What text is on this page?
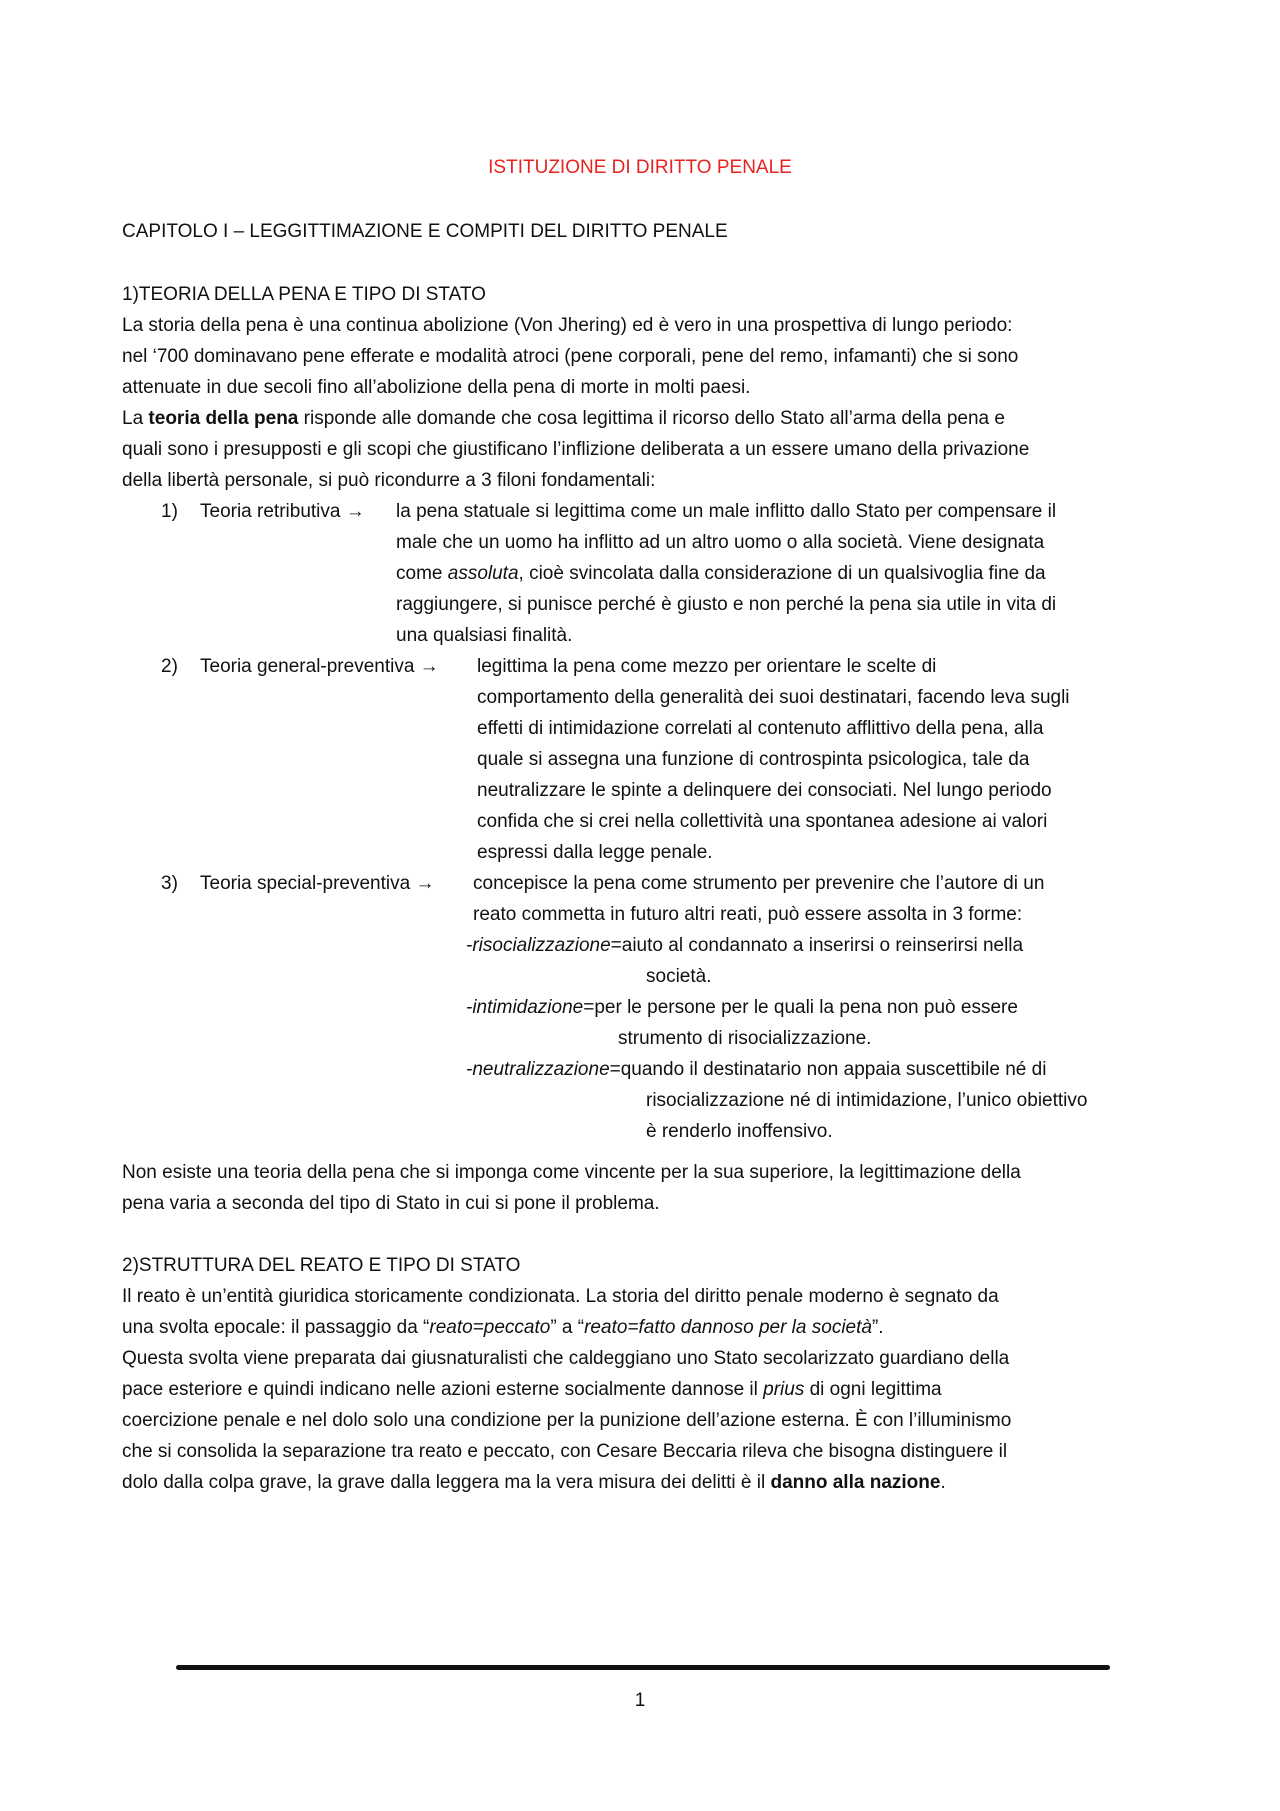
ISTITUZIONE DI DIRITTO PENALE
CAPITOLO I – LEGGITTIMAZIONE E COMPITI DEL DIRITTO PENALE
1)TEORIA DELLA PENA E TIPO DI STATO
La storia della pena è una continua abolizione (Von Jhering) ed è vero in una prospettiva di lungo periodo:
nel ‘700 dominavano pene efferate e modalità atroci (pene corporali, pene del remo, infamanti) che si sono
attenuate in due secoli fino all’abolizione della pena di morte in molti paesi.
La teoria della pena risponde alle domande che cosa legittima il ricorso dello Stato all’arma della pena e
quali sono i presupposti e gli scopi che giustificano l’inflizione deliberata a un essere umano della privazione
della libertà personale, si può ricondurre a 3 filoni fondamentali:
1) Teoria retributiva → la pena statuale si legittima come un male inflitto dallo Stato per compensare il
male che un uomo ha inflitto ad un altro uomo o alla società. Viene designata
come assoluta, cioè svincolata dalla considerazione di un qualsivoglia fine da
raggiungere, si punisce perché è giusto e non perché la pena sia utile in vita di
una qualsiasi finalità.
2) Teoria general-preventiva → legittima la pena come mezzo per orientare le scelte di
comportamento della generalità dei suoi destinatari, facendo leva sugli
effetti di intimidazione correlati al contenuto afflittivo della pena, alla
quale si assegna una funzione di controspinta psicologica, tale da
neutralizzare le spinte a delinquere dei consociati. Nel lungo periodo
confida che si crei nella collettività una spontanea adesione ai valori
espressi dalla legge penale.
3) Teoria special-preventiva → concepisce la pena come strumento per prevenire che l’autore di un
reato commetta in futuro altri reati, può essere assolta in 3 forme:
-risocializzazione=aiuto al condannato a inserirsi o reinserirsi nella
società.
-intimidazione=per le persone per le quali la pena non può essere
strumento di risocializzazione.
-neutralizzazione=quando il destinatario non appaia suscettibile né di
risocializzazione né di intimidazione, l’unico obiettivo
è renderlo inoffensivo.
Non esiste una teoria della pena che si imponga come vincente per la sua superiore, la legittimazione della
pena varia a seconda del tipo di Stato in cui si pone il problema.
2)STRUTTURA DEL REATO E TIPO DI STATO
Il reato è un’entità giuridica storicamente condizionata. La storia del diritto penale moderno è segnato da
una svolta epocale: il passaggio da “reato=peccato” a “reato=fatto dannoso per la società”.
Questa svolta viene preparata dai giusnaturalisti che caldeggiano uno Stato secolarizzato guardiano della
pace esteriore e quindi indicano nelle azioni esterne socialmente dannose il prius di ogni legittima
coercizione penale e nel dolo solo una condizione per la punizione dell’azione esterna. È con l’illuminismo
che si consolida la separazione tra reato e peccato, con Cesare Beccaria rileva che bisogna distinguere il
dolo dalla colpa grave, la grave dalla leggera ma la vera misura dei delitti è il danno alla nazione.
1
